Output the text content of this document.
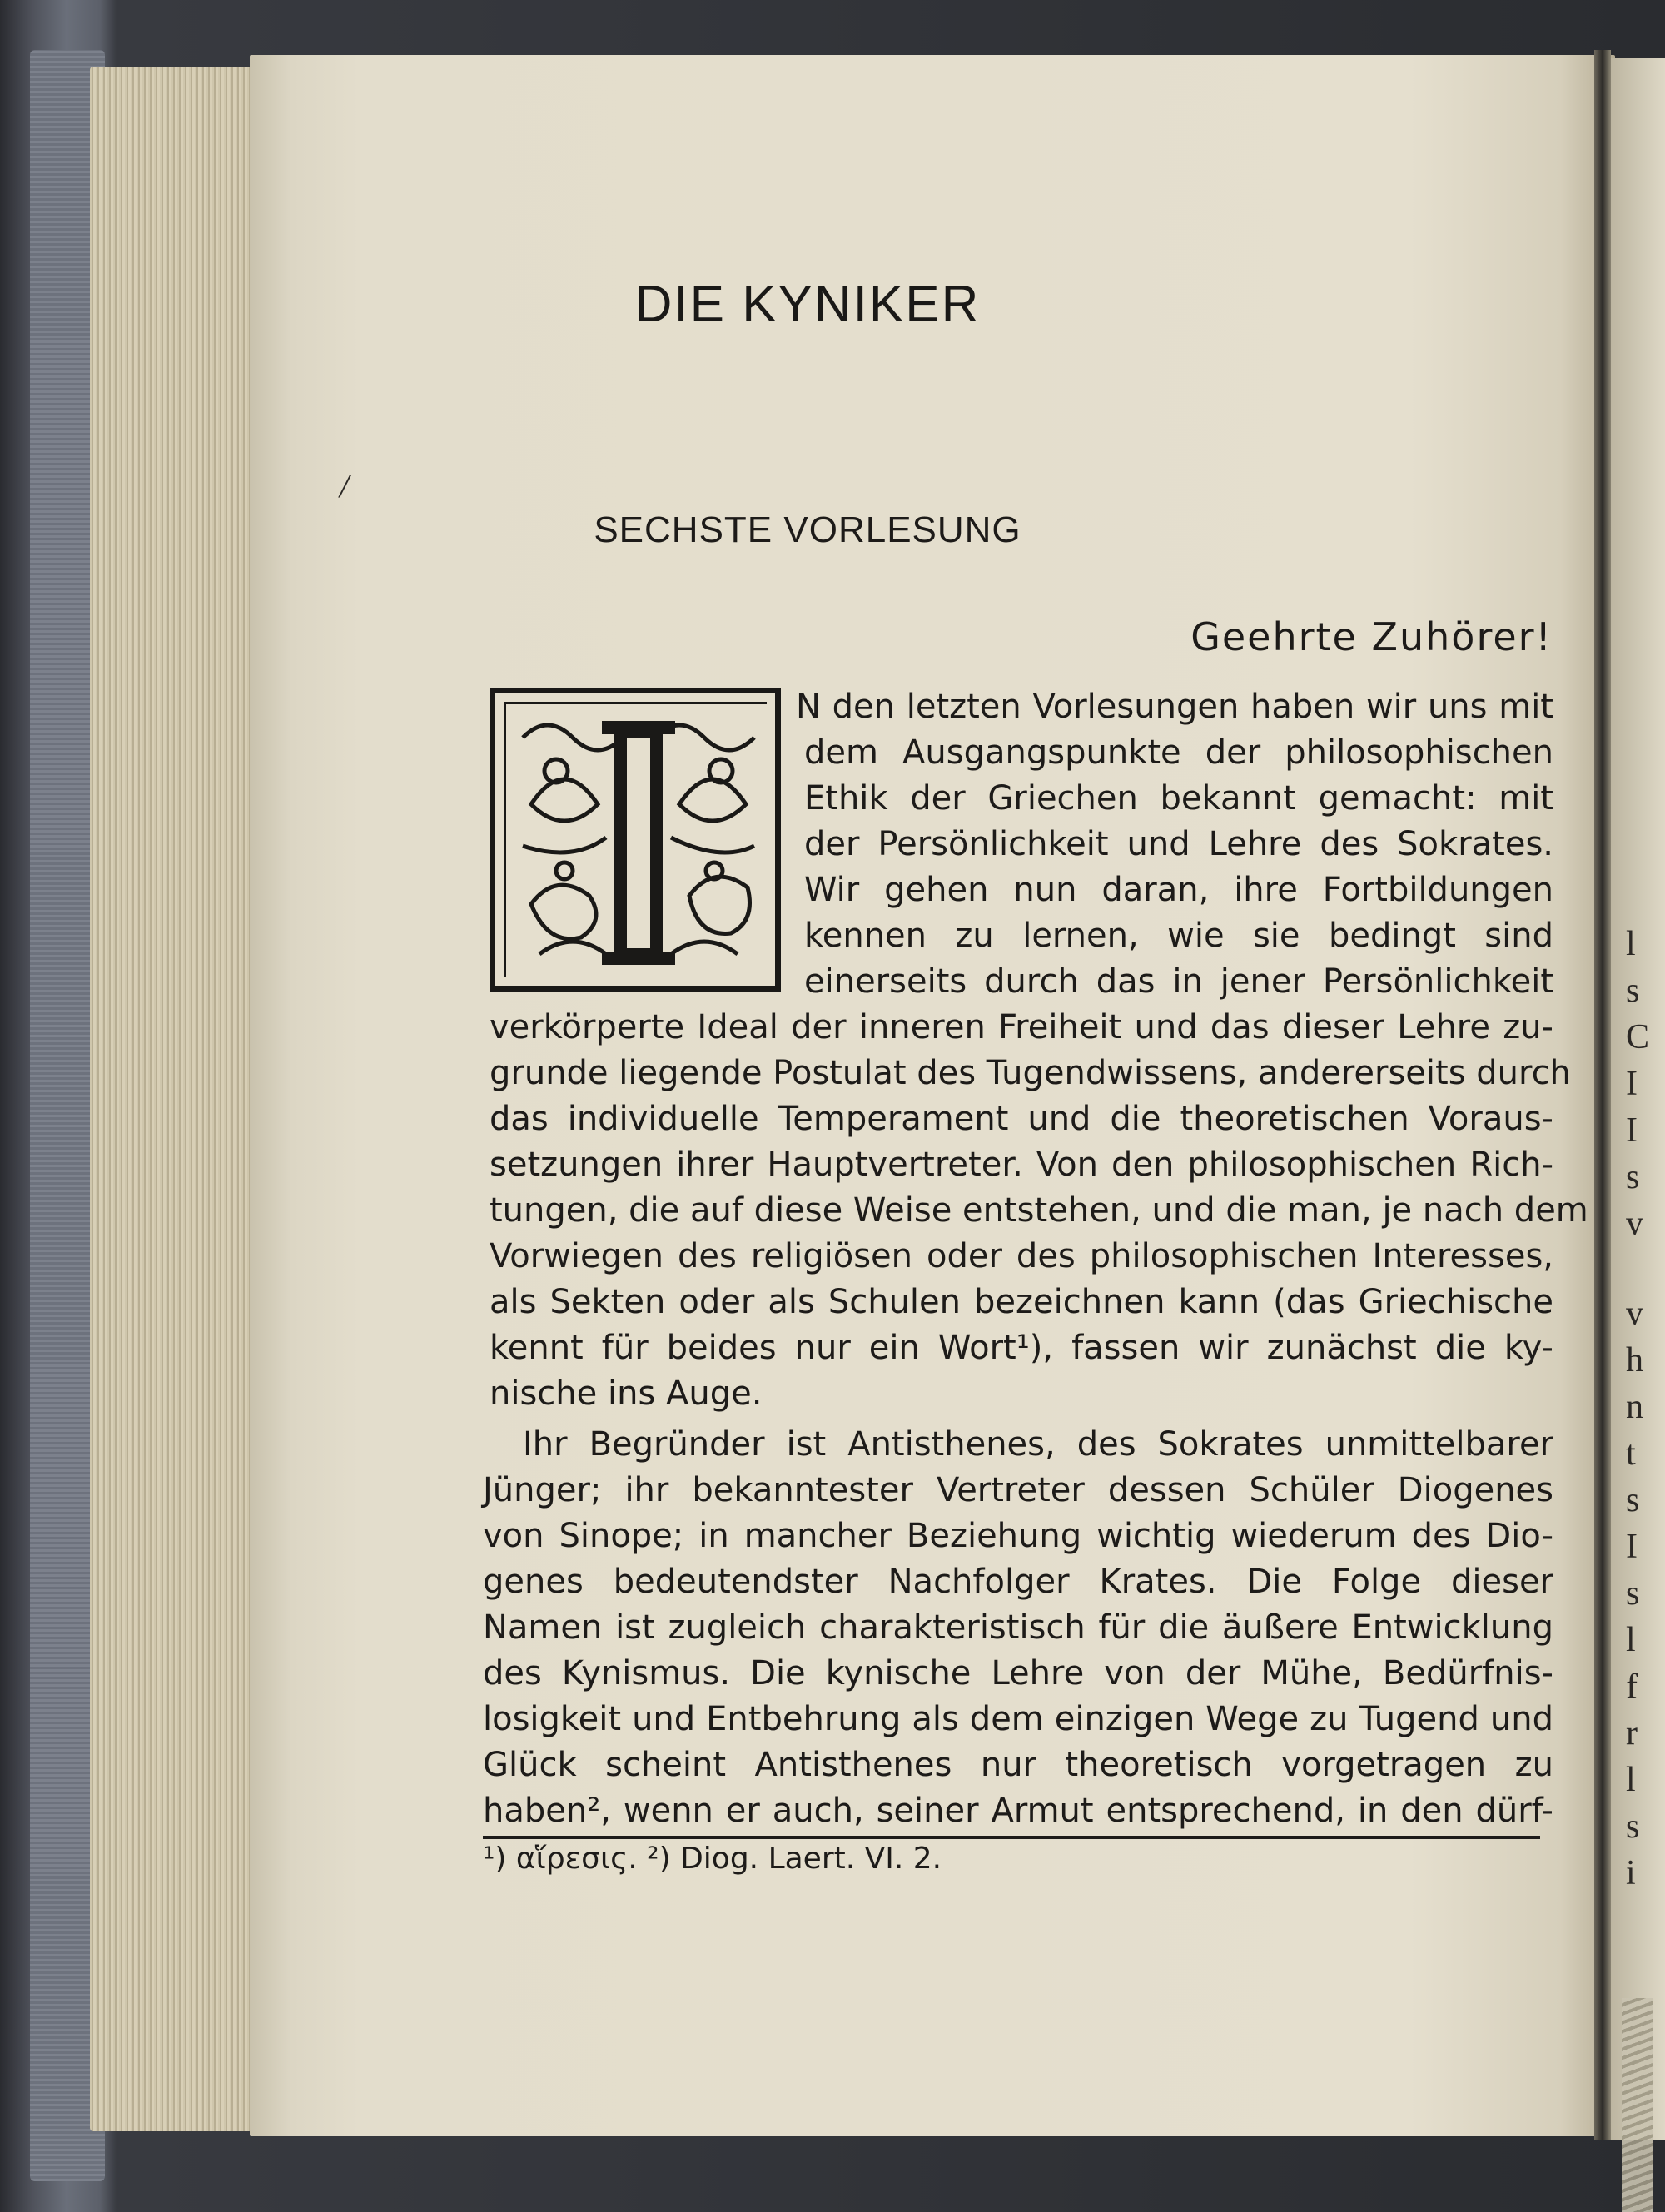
l
s
C
I
I
s
v
v
h
n
t
s
I
s
l
f
r
l
s
i
/
DIE KYNIKER
SECHSTE VORLESUNG
Geehrte Zuhörer!
N den letzten Vorlesungen haben wir uns mit
dem Ausgangspunkte der philosophischen
Ethik der Griechen bekannt gemacht: mit
der Persönlichkeit und Lehre des Sokrates.
Wir gehen nun daran, ihre Fortbildungen
kennen zu lernen, wie sie bedingt sind
einerseits durch das in jener Persönlichkeit
verkörperte Ideal der inneren Freiheit und das dieser Lehre zu-
grunde liegende Postulat des Tugendwissens, andererseits durch
das individuelle Temperament und die theoretischen Voraus-
setzungen ihrer Hauptvertreter. Von den philosophischen Rich-
tungen, die auf diese Weise entstehen, und die man, je nach dem
Vorwiegen des religiösen oder des philosophischen Interesses,
als Sekten oder als Schulen bezeichnen kann (das Griechische
kennt für beides nur ein Wort¹), fassen wir zunächst die ky-
nische ins Auge.
Ihr Begründer ist Antisthenes, des Sokrates unmittelbarer
Jünger; ihr bekanntester Vertreter dessen Schüler Diogenes
von Sinope; in mancher Beziehung wichtig wiederum des Dio-
genes bedeutendster Nachfolger Krates. Die Folge dieser
Namen ist zugleich charakteristisch für die äußere Entwicklung
des Kynismus. Die kynische Lehre von der Mühe, Bedürfnis-
losigkeit und Entbehrung als dem einzigen Wege zu Tugend und
Glück scheint Antisthenes nur theoretisch vorgetragen zu
haben², wenn er auch, seiner Armut entsprechend, in den dürf-
¹) αἵρεσις. ²) Diog. Laert. VI. 2.
